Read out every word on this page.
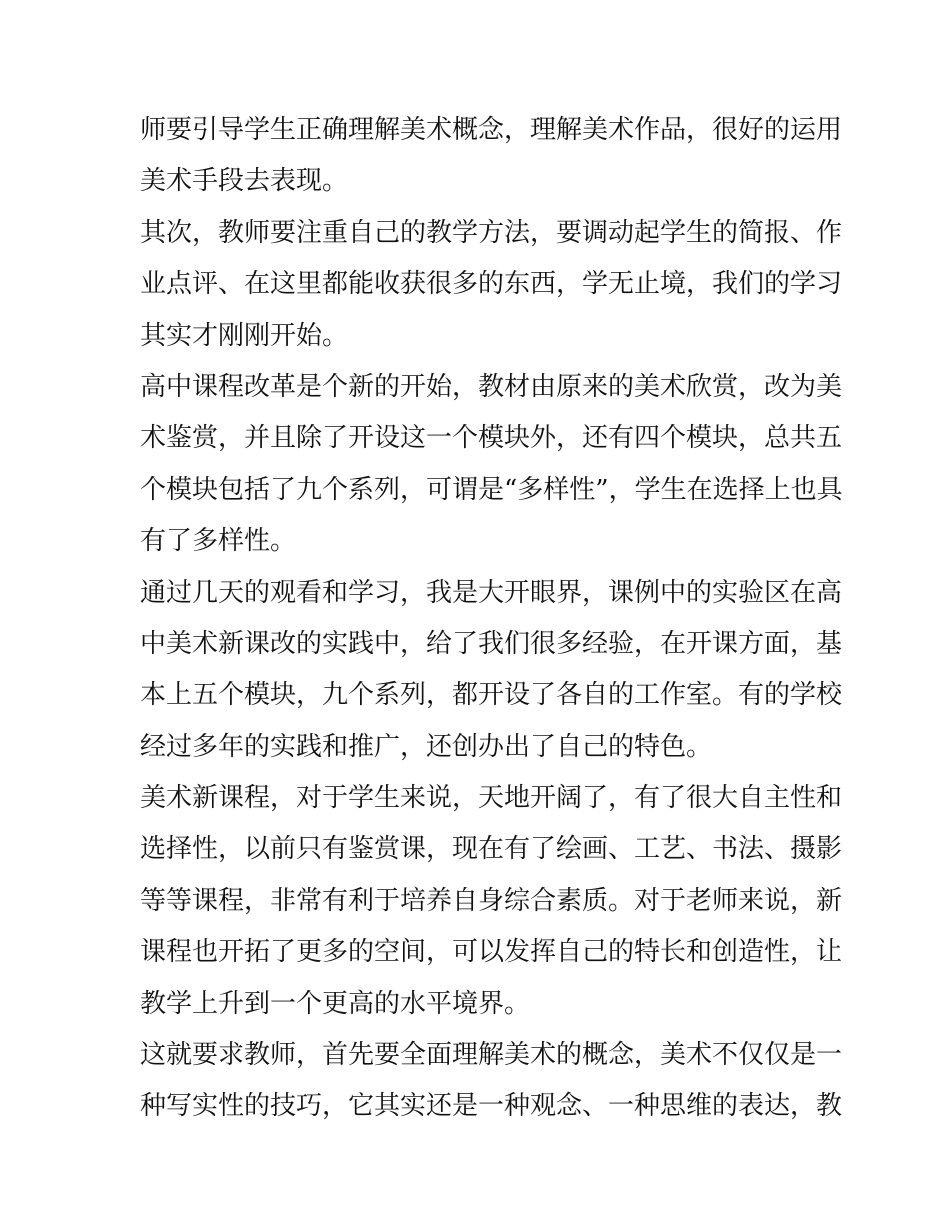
师要引导学生正确理解美术概念，理解美术作品，很好的运用
美术手段去表现。
其次，教师要注重自己的教学方法，要调动起学生的简报、作
业点评、在这里都能收获很多的东西，学无止境，我们的学习
其实才刚刚开始。
高中课程改革是个新的开始，教材由原来的美术欣赏，改为美
术鉴赏，并且除了开设这一个模块外，还有四个模块，总共五
个模块包括了九个系列，可谓是“多样性”，学生在选择上也具
有了多样性。
通过几天的观看和学习，我是大开眼界，课例中的实验区在高
中美术新课改的实践中，给了我们很多经验，在开课方面，基
本上五个模块，九个系列，都开设了各自的工作室。有的学校
经过多年的实践和推广，还创办出了自己的特色。
美术新课程，对于学生来说，天地开阔了，有了很大自主性和
选择性，以前只有鉴赏课，现在有了绘画、工艺、书法、摄影
等等课程，非常有利于培养自身综合素质。对于老师来说，新
课程也开拓了更多的空间，可以发挥自己的特长和创造性，让
教学上升到一个更高的水平境界。
这就要求教师，首先要全面理解美术的概念，美术不仅仅是一
种写实性的技巧，它其实还是一种观念、一种思维的表达，教
